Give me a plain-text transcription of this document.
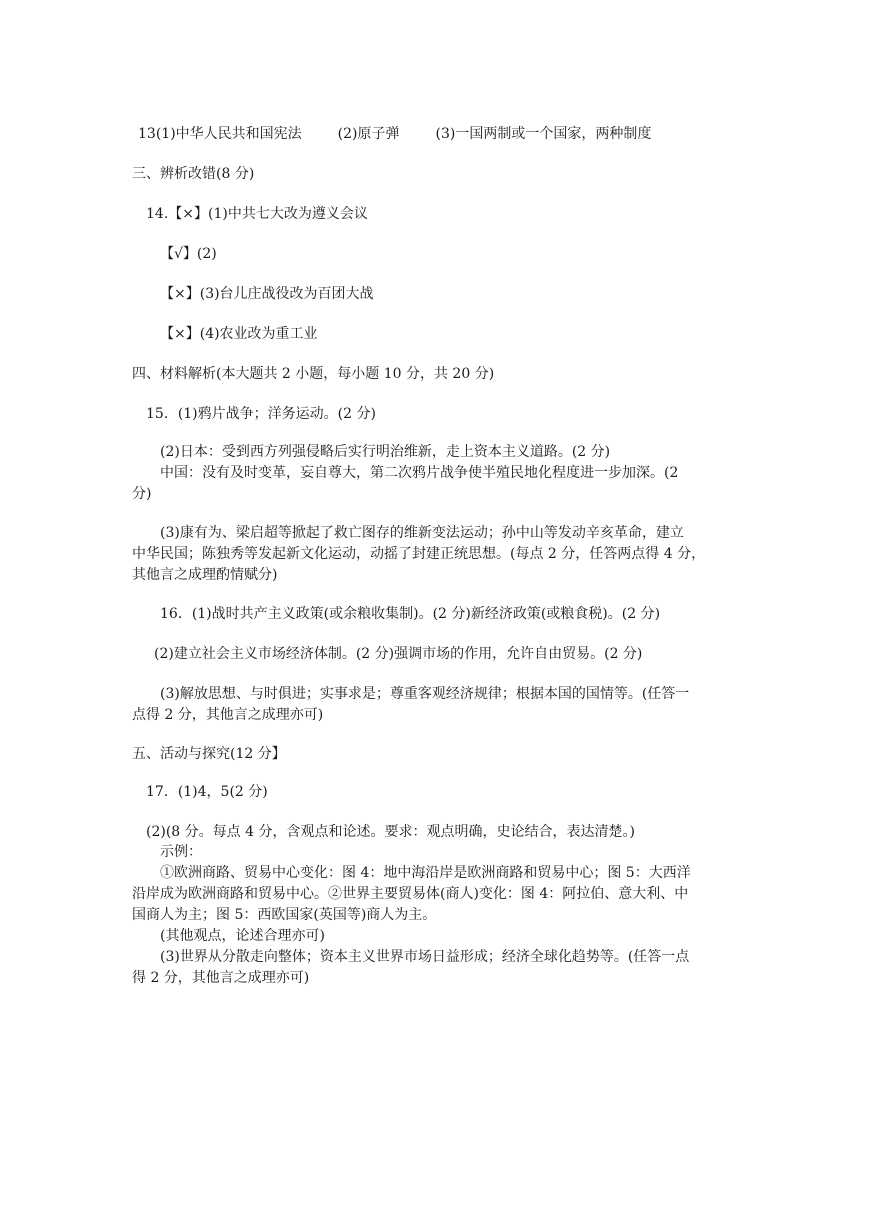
13(1)中华人民共和国宪法	(2)原子弹	(3)一国两制或一个国家，两种制度

三、辨析改错(8 分)

14.【×】(1)中共七大改为遵义会议

【√】(2)

【×】(3)台儿庄战役改为百团大战

【×】(4)农业改为重工业

四、材料解析(本大题共 2 小题，每小题 10 分，共 20 分)

15．(1)鸦片战争；洋务运动。(2 分)

(2)日本：受到西方列强侵略后实行明治维新，走上资本主义道路。(2 分)

中国：没有及时变革，妄自尊大，第二次鸦片战争使半殖民地化程度进一步加深。(2

分)

(3)康有为、梁启超等掀起了救亡图存的维新变法运动；孙中山等发动辛亥革命，建立

中华民国；陈独秀等发起新文化运动，动摇了封建正统思想。(每点 2 分，任答两点得 4 分，

其他言之成理酌情赋分)

16．(1)战时共产主义政策(或余粮收集制)。(2 分)新经济政策(或粮食税)。(2 分)

(2)建立社会主义市场经济体制。(2 分)强调市场的作用，允许自由贸易。(2 分)

(3)解放思想、与时俱进；实事求是；尊重客观经济规律；根据本国的国情等。(任答一

点得 2 分，其他言之成理亦可)

五、活动与探究(12 分】

17．(1)4，5(2 分)

(2)(8 分。每点 4 分，含观点和论述。要求：观点明确，史论结合，表达清楚。)

示例：

①欧洲商路、贸易中心变化：图 4：地中海沿岸是欧洲商路和贸易中心；图 5：大西洋

沿岸成为欧洲商路和贸易中心。②世界主要贸易体(商人)变化：图 4：阿拉伯、意大利、中

国商人为主；图 5：西欧国家(英国等)商人为主。

(其他观点，论述合理亦可)

(3)世界从分散走向整体；资本主义世界市场日益形成；经济全球化趋势等。(任答一点

得 2 分，其他言之成理亦可)
